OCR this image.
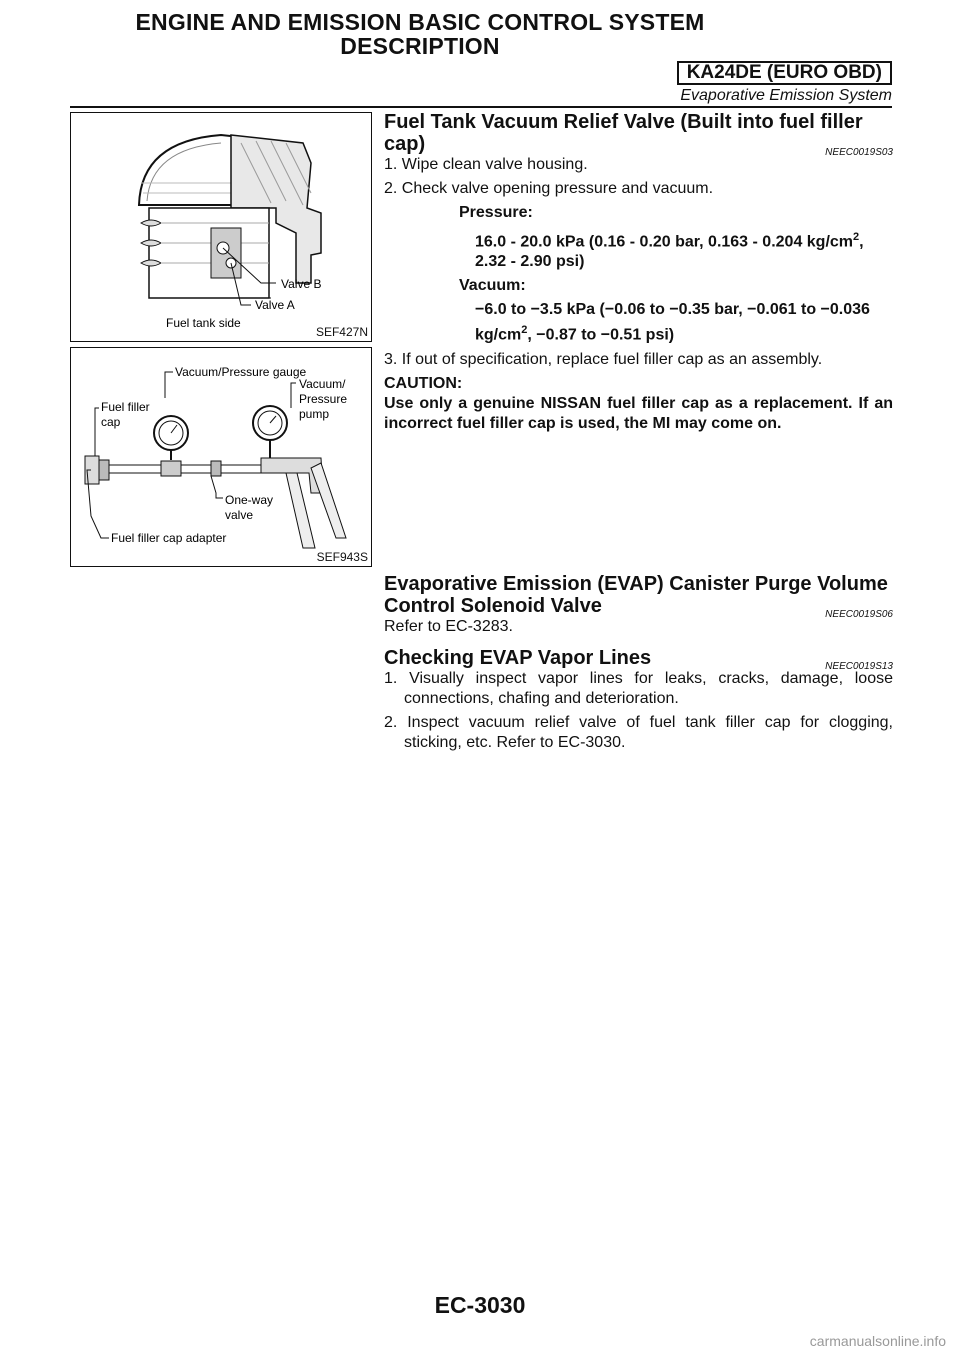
ENGINE AND EMISSION BASIC CONTROL SYSTEM
DESCRIPTION
KA24DE (EURO OBD)
Evaporative Emission System
Valve B
Valve A
Fuel tank side
SEF427N
Vacuum/Pressure gauge
Vacuum/
Pressure
pump
Fuel filler
cap
One-way
valve
Fuel filler cap adapter
SEF943S
Fuel Tank Vacuum Relief Valve (Built into fuel filler cap)	NEEC0019S03

1. Wipe clean valve housing.

2. Check valve opening pressure and vacuum.

Pressure:

16.0 - 20.0 kPa (0.16 - 0.20 bar, 0.163 - 0.204 $kg/cm^2$,

2.32 - 2.90 psi)

Vacuum:

−6.0 to −3.5 kPa (−0.06 to −0.35 bar, −0.061 to −0.036

$kg/cm^2$, −0.87 to −0.51 psi)

3. If out of specification, replace fuel filler cap as an assembly.

CAUTION:

Use only a genuine NISSAN fuel filler cap as a replacement. If an incorrect fuel filler cap is used, the MI may come on.

Evaporative Emission (EVAP) Canister Purge Volume
Control Solenoid Valve	NEEC0019S06

Refer to EC-3283.

Checking EVAP Vapor Lines	NEEC0019S13

1. Visually inspect vapor lines for leaks, cracks, damage, loose connections, chafing and deterioration.

2. Inspect vacuum relief valve of fuel tank filler cap for clogging, sticking, etc. Refer to EC-3030.

EC-3030
carmanualsonline.info
